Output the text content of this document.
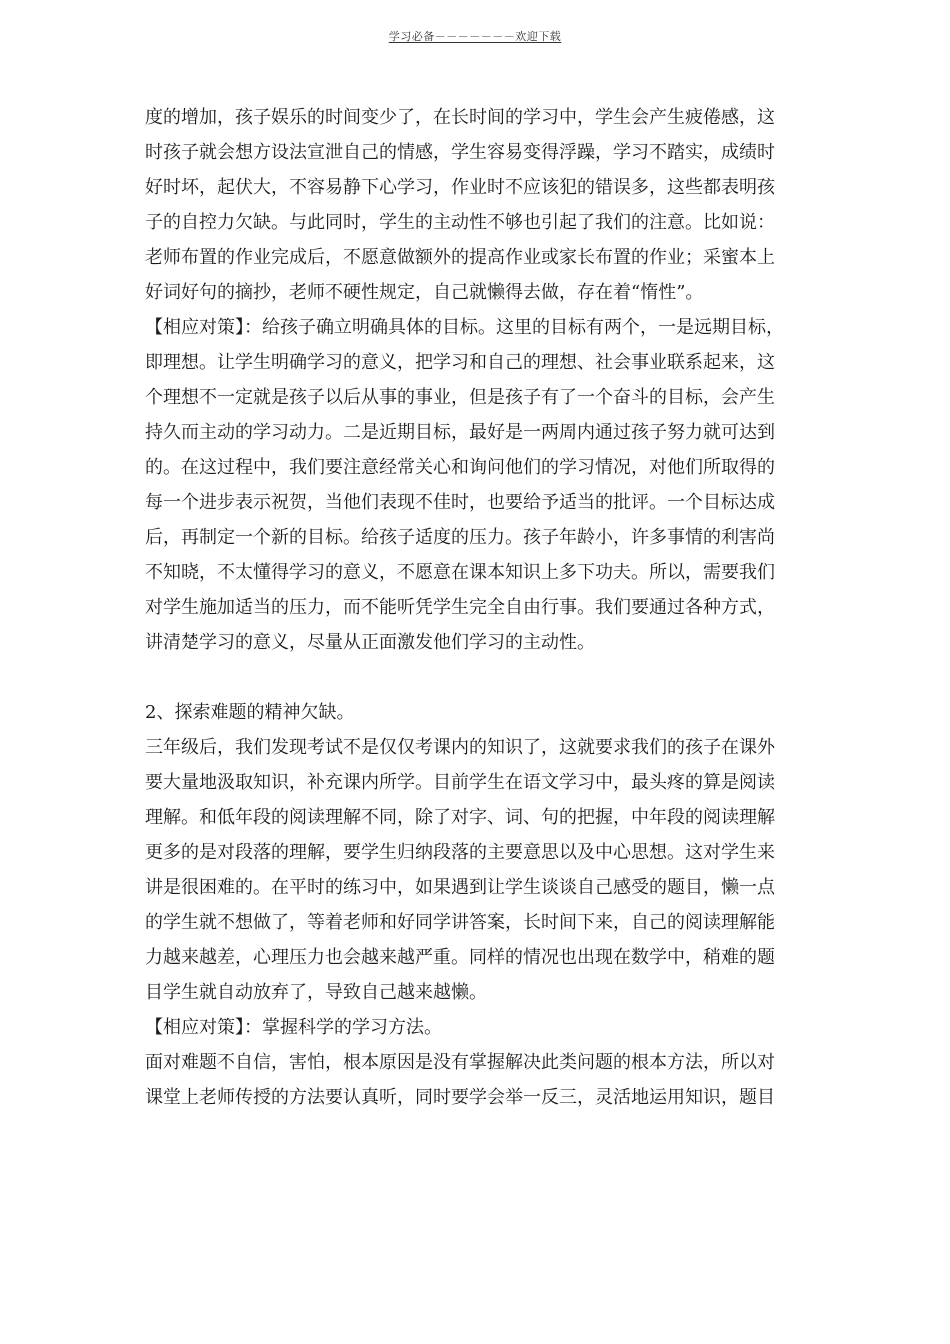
学习必备－－－－－－－欢迎下载
度的增加，孩子娱乐的时间变少了，在长时间的学习中，学生会产生疲倦感，这
时孩子就会想方设法宣泄自己的情感，学生容易变得浮躁，学习不踏实，成绩时
好时坏，起伏大，不容易静下心学习，作业时不应该犯的错误多，这些都表明孩
子的自控力欠缺。与此同时，学生的主动性不够也引起了我们的注意。比如说：
老师布置的作业完成后，不愿意做额外的提高作业或家长布置的作业；采蜜本上
好词好句的摘抄，老师不硬性规定，自己就懒得去做，存在着“惰性”。
【相应对策】：给孩子确立明确具体的目标。这里的目标有两个，一是远期目标，
即理想。让学生明确学习的意义，把学习和自己的理想、社会事业联系起来，这
个理想不一定就是孩子以后从事的事业，但是孩子有了一个奋斗的目标，会产生
持久而主动的学习动力。二是近期目标，最好是一两周内通过孩子努力就可达到
的。在这过程中，我们要注意经常关心和询问他们的学习情况，对他们所取得的
每一个进步表示祝贺，当他们表现不佳时，也要给予适当的批评。一个目标达成
后，再制定一个新的目标。给孩子适度的压力。孩子年龄小，许多事情的利害尚
不知晓，不太懂得学习的意义，不愿意在课本知识上多下功夫。所以，需要我们
对学生施加适当的压力，而不能听凭学生完全自由行事。我们要通过各种方式，
讲清楚学习的意义，尽量从正面激发他们学习的主动性。
2、探索难题的精神欠缺。
三年级后，我们发现考试不是仅仅考课内的知识了，这就要求我们的孩子在课外
要大量地汲取知识，补充课内所学。目前学生在语文学习中，最头疼的算是阅读
理解。和低年段的阅读理解不同，除了对字、词、句的把握，中年段的阅读理解
更多的是对段落的理解，要学生归纳段落的主要意思以及中心思想。这对学生来
讲是很困难的。在平时的练习中，如果遇到让学生谈谈自己感受的题目，懒一点
的学生就不想做了，等着老师和好同学讲答案，长时间下来，自己的阅读理解能
力越来越差，心理压力也会越来越严重。同样的情况也出现在数学中，稍难的题
目学生就自动放弃了，导致自己越来越懒。
【相应对策】：掌握科学的学习方法。
面对难题不自信，害怕，根本原因是没有掌握解决此类问题的根本方法，所以对
课堂上老师传授的方法要认真听，同时要学会举一反三，灵活地运用知识，题目
